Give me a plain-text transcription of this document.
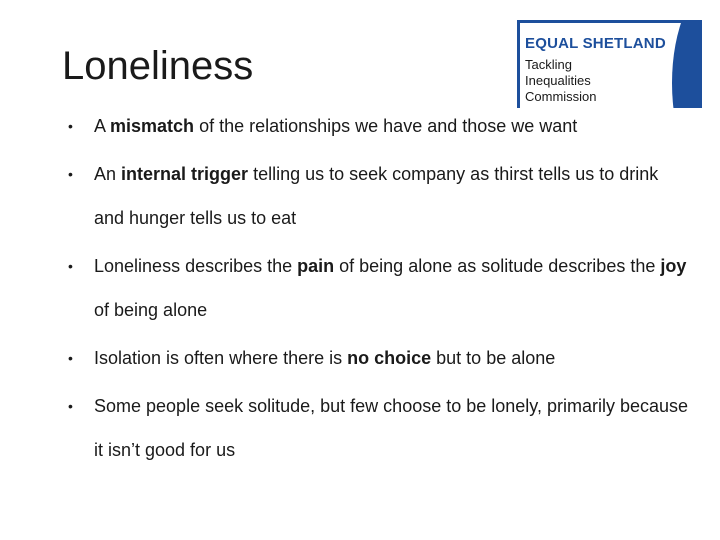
Loneliness
EQUAL SHETLAND
Tackling
Inequalities
Commission
• A mismatch of the relationships we have and those we want
• An internal trigger telling us to seek company as thirst tells us to drink and hunger tells us to eat
• Loneliness describes the pain of being alone as solitude describes the joy of being alone
• Isolation is often where there is no choice but to be alone
• Some people seek solitude, but few choose to be lonely, primarily because it isn’t good for us
